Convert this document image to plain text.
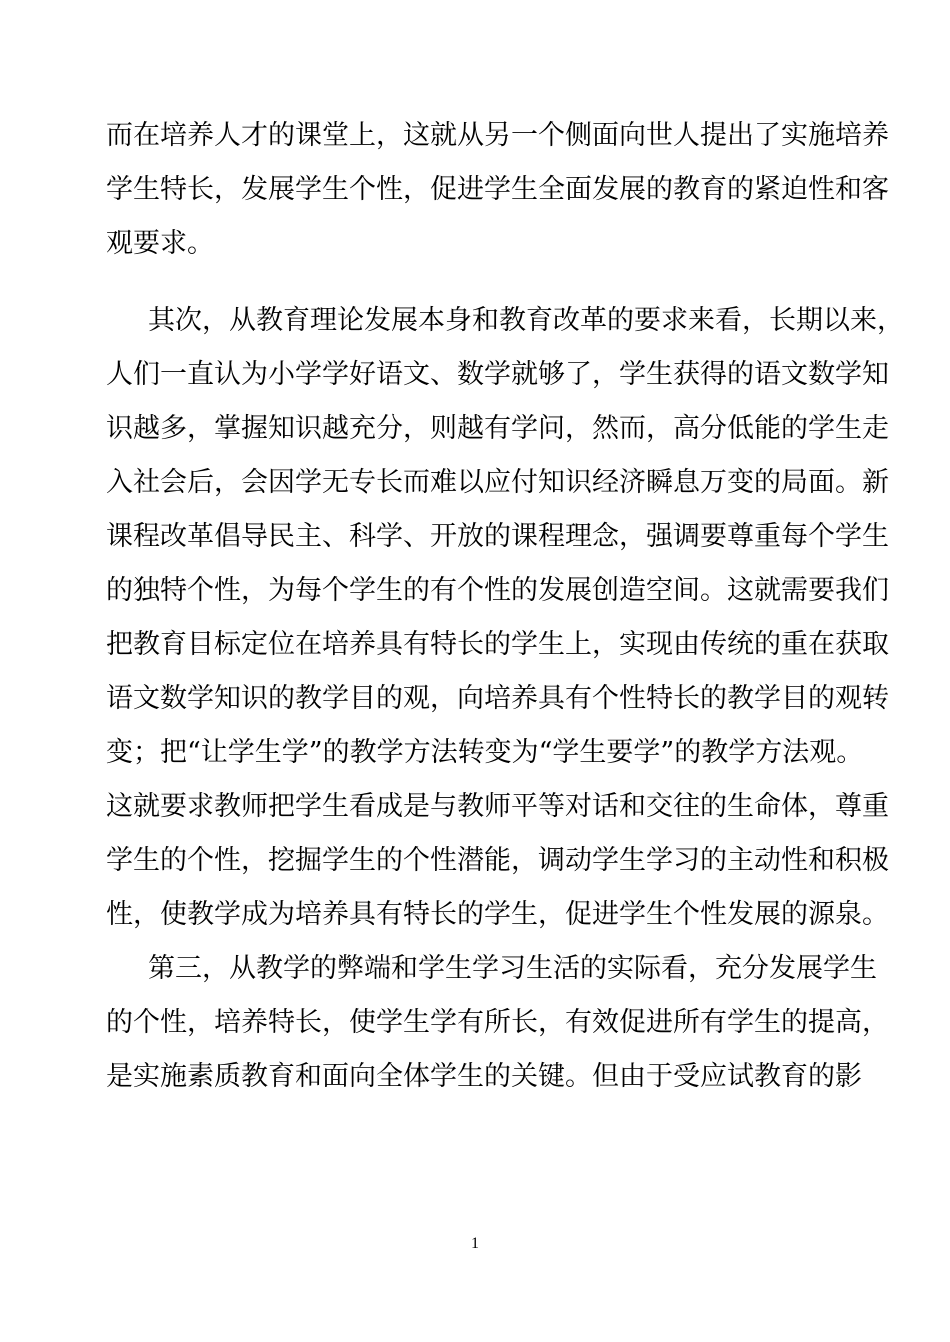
而在培养人才的课堂上，这就从另一个侧面向世人提出了实施培养
学生特长，发展学生个性，促进学生全面发展的教育的紧迫性和客
观要求。
其次，从教育理论发展本身和教育改革的要求来看，长期以来，
人们一直认为小学学好语文、数学就够了，学生获得的语文数学知
识越多，掌握知识越充分，则越有学问，然而，高分低能的学生走
入社会后，会因学无专长而难以应付知识经济瞬息万变的局面。新
课程改革倡导民主、科学、开放的课程理念，强调要尊重每个学生
的独特个性，为每个学生的有个性的发展创造空间。这就需要我们
把教育目标定位在培养具有特长的学生上，实现由传统的重在获取
语文数学知识的教学目的观，向培养具有个性特长的教学目的观转
变；把“让学生学”的教学方法转变为“学生要学”的教学方法观。
这就要求教师把学生看成是与教师平等对话和交往的生命体，尊重
学生的个性，挖掘学生的个性潜能，调动学生学习的主动性和积极
性，使教学成为培养具有特长的学生，促进学生个性发展的源泉。
第三，从教学的弊端和学生学习生活的实际看，充分发展学生
的个性，培养特长，使学生学有所长，有效促进所有学生的提高，
是实施素质教育和面向全体学生的关键。但由于受应试教育的影
1
